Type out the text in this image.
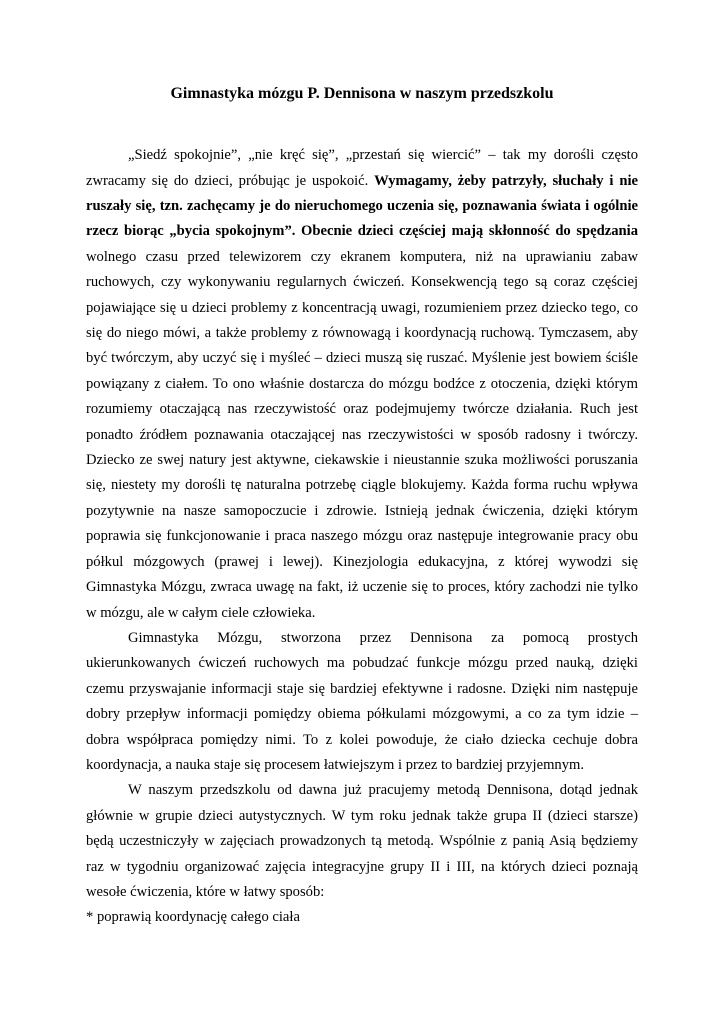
Gimnastyka mózgu P. Dennisona w naszym przedszkolu

„Siedź spokojnie”, „nie kręć się”, „przestań się wiercić” – tak my dorośli często zwracamy się do dzieci, próbując je uspokoić. Wymagamy, żeby patrzyły, słuchały i nie ruszały się, tzn. zachęcamy je do nieruchomego uczenia się, poznawania świata i ogólnie rzecz biorąc „bycia spokojnym”. Obecnie dzieci częściej mają skłonność do spędzania wolnego czasu przed telewizorem czy ekranem komputera, niż na uprawianiu zabaw ruchowych, czy wykonywaniu regularnych ćwiczeń. Konsekwencją tego są coraz częściej pojawiające się u dzieci problemy z koncentracją uwagi, rozumieniem przez dziecko tego, co się do niego mówi, a także problemy z równowagą i koordynacją ruchową. Tymczasem, aby być twórczym, aby uczyć się i myśleć – dzieci muszą się ruszać. Myślenie jest bowiem ściśle powiązany z ciałem. To ono właśnie dostarcza do mózgu bodźce z otoczenia, dzięki którym rozumiemy otaczającą nas rzeczywistość oraz podejmujemy twórcze działania. Ruch jest ponadto źródłem poznawania otaczającej nas rzeczywistości w sposób radosny i twórczy. Dziecko ze swej natury jest aktywne, ciekawskie i nieustannie szuka możliwości poruszania się, niestety my dorośli tę naturalna potrzebę ciągle blokujemy. Każda forma ruchu wpływa pozytywnie na nasze samopoczucie i zdrowie. Istnieją jednak ćwiczenia, dzięki którym poprawia się funkcjonowanie i praca naszego mózgu oraz następuje integrowanie pracy obu półkul mózgowych (prawej i lewej). Kinezjologia edukacyjna, z której wywodzi się Gimnastyka Mózgu, zwraca uwagę na fakt, iż uczenie się to proces, który zachodzi nie tylko w mózgu, ale w całym ciele człowieka.

Gimnastyka Mózgu, stworzona przez Dennisona za pomocą prostych ukierunkowanych ćwiczeń ruchowych ma pobudzać funkcje mózgu przed nauką, dzięki czemu przyswajanie informacji staje się bardziej efektywne i radosne. Dzięki nim następuje dobry przepływ informacji pomiędzy obiema półkulami mózgowymi, a co za tym idzie – dobra współpraca pomiędzy nimi. To z kolei powoduje, że ciało dziecka cechuje dobra koordynacja, a nauka staje się procesem łatwiejszym i przez to bardziej przyjemnym.

W naszym przedszkolu od dawna już pracujemy metodą Dennisona, dotąd jednak głównie w grupie dzieci autystycznych. W tym roku jednak także grupa II (dzieci starsze) będą uczestniczyły w zajęciach prowadzonych tą metodą. Wspólnie z panią Asią będziemy raz w tygodniu organizować zajęcia integracyjne grupy II i III, na których dzieci poznają wesołe ćwiczenia, które w łatwy sposób:

* poprawią koordynację całego ciała
